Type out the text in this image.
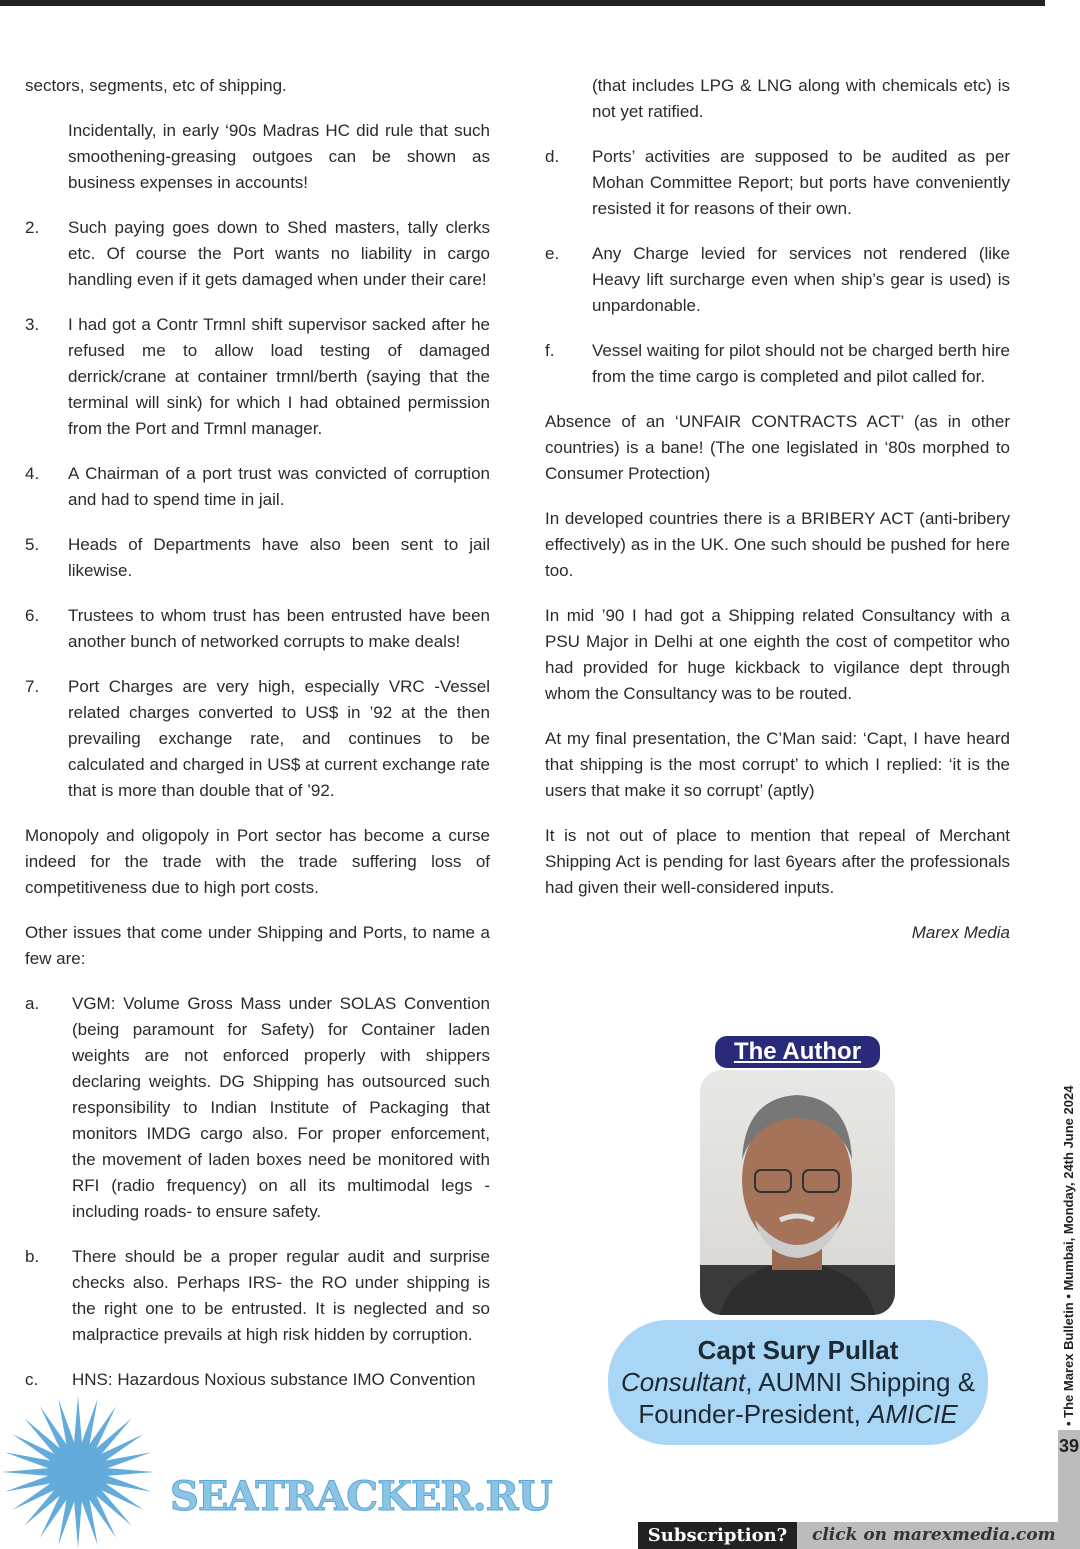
sectors, segments, etc of shipping.

Incidentally, in early ‘90s Madras HC did rule that such smoothening-greasing outgoes can be shown as business expenses in accounts!

2.	Such paying goes down to Shed masters, tally clerks etc. Of course the Port wants no liability in cargo handling even if it gets damaged when under their care!
3.	I had got a Contr Trmnl shift supervisor sacked after he refused me to allow load testing of damaged derrick/crane at container trmnl/berth (saying that the terminal will sink) for which I had obtained permission from the Port and Trmnl manager.
4.	A Chairman of a port trust was convicted of corruption and had to spend time in jail.
5.	Heads of Departments have also been sent to jail likewise.
6.	Trustees to whom trust has been entrusted have been another bunch of networked corrupts to make deals!
7.	Port Charges are very high, especially VRC -Vessel related charges converted to US$ in ’92 at the then prevailing exchange rate, and continues to be calculated and charged in US$ at current exchange rate that is more than double that of ’92.

Monopoly and oligopoly in Port sector has become a curse indeed for the trade with the trade suffering loss of competitiveness due to high port costs.

Other issues that come under Shipping and Ports, to name a few are:

a.	VGM: Volume Gross Mass under SOLAS Convention (being paramount for Safety) for Container laden weights are not enforced properly with shippers declaring weights. DG Shipping has outsourced such responsibility to Indian Institute of Packaging that monitors IMDG cargo also. For proper enforcement, the movement of laden boxes need be monitored with RFI (radio frequency) on all its multimodal legs - including roads- to ensure safety.
b.	There should be a proper regular audit and surprise checks also. Perhaps IRS- the RO under shipping is the right one to be entrusted. It is neglected and so malpractice prevails at high risk hidden by corruption.
c.	HNS: Hazardous Noxious substance IMO Convention

(that includes LPG & LNG along with chemicals etc) is not yet ratified.

d.	Ports’ activities are supposed to be audited as per Mohan Committee Report; but ports have conveniently resisted it for reasons of their own.
e.	Any Charge levied for services not rendered (like Heavy lift surcharge even when ship’s gear is used) is unpardonable.
f.	Vessel waiting for pilot should not be charged berth hire from the time cargo is completed and pilot called for.

Absence of an ‘UNFAIR CONTRACTS ACT’ (as in other countries) is a bane! (The one legislated in ‘80s morphed to Consumer Protection)

In developed countries there is a BRIBERY ACT (anti-bribery effectively) as in the UK. One such should be pushed for here too.

In mid ’90 I had got a Shipping related Consultancy with a PSU Major in Delhi at one eighth the cost of competitor who had provided for huge kickback to vigilance dept through whom the Consultancy was to be routed.

At my final presentation, the C’Man said: ‘Capt, I have heard that shipping is the most corrupt’ to which I replied: ‘it is the users that make it so corrupt’ (aptly)

It is not out of place to mention that repeal of Merchant Shipping Act is pending for last 6years after the professionals had given their well-considered inputs.

Marex Media

The Author
Capt Sury Pullat
Consultant, AUMNI Shipping &
Founder-President, AMICIE
SEATRACKER.RU
• The Marex Bulletin • Mumbai, Monday, 24th June 2024
39
Subscription?	click on marexmedia.com
